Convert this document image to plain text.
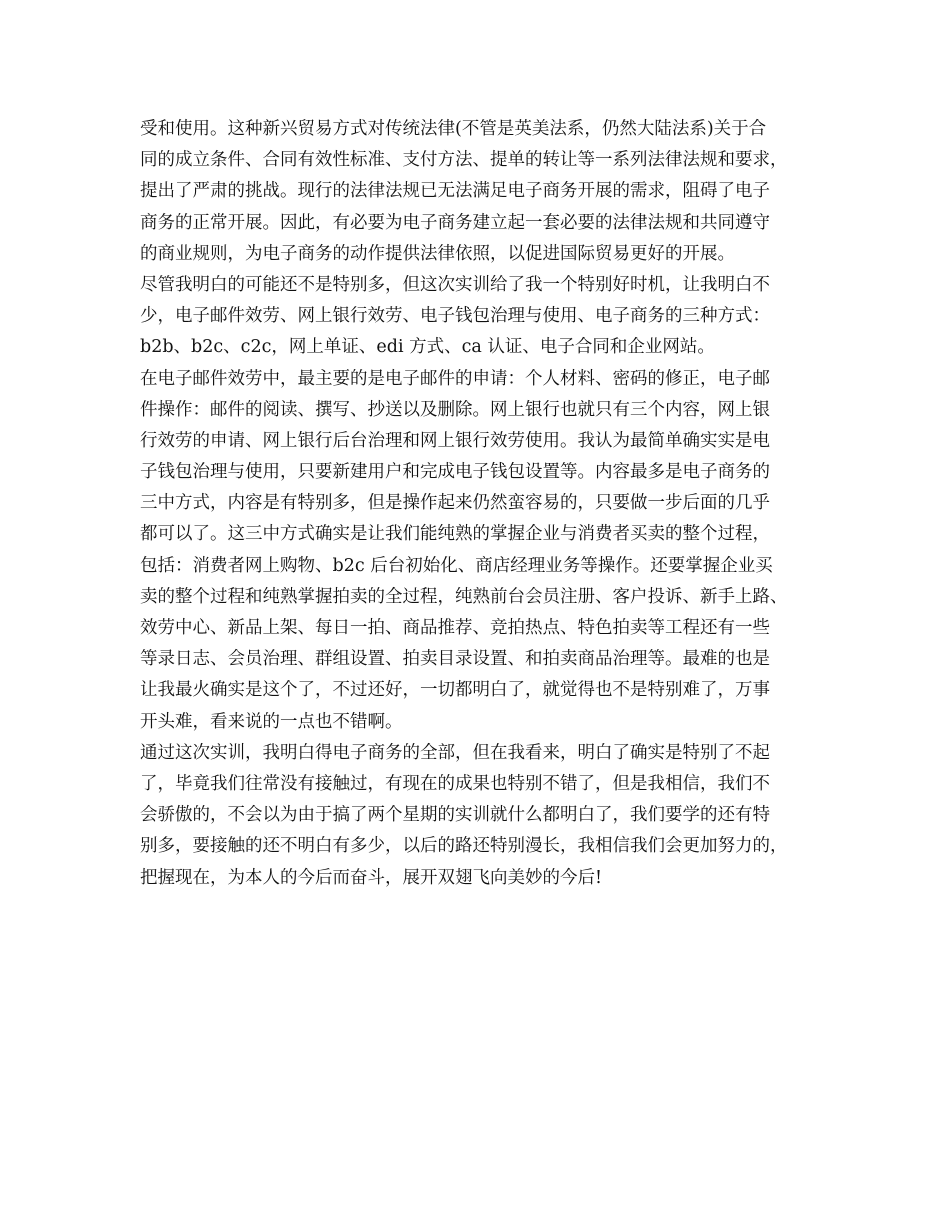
受和使用。这种新兴贸易方式对传统法律(不管是英美法系，仍然大陆法系)关于合
同的成立条件、合同有效性标准、支付方法、提单的转让等一系列法律法规和要求，
提出了严肃的挑战。现行的法律法规已无法满足电子商务开展的需求，阻碍了电子
商务的正常开展。因此，有必要为电子商务建立起一套必要的法律法规和共同遵守
的商业规则，为电子商务的动作提供法律依照，以促进国际贸易更好的开展。
尽管我明白的可能还不是特别多，但这次实训给了我一个特别好时机，让我明白不
少，电子邮件效劳、网上银行效劳、电子钱包治理与使用、电子商务的三种方式：
b2b、b2c、c2c，网上单证、edi 方式、ca 认证、电子合同和企业网站。
在电子邮件效劳中，最主要的是电子邮件的申请：个人材料、密码的修正，电子邮
件操作：邮件的阅读、撰写、抄送以及删除。网上银行也就只有三个内容，网上银
行效劳的申请、网上银行后台治理和网上银行效劳使用。我认为最简单确实实是电
子钱包治理与使用，只要新建用户和完成电子钱包设置等。内容最多是电子商务的
三中方式，内容是有特别多，但是操作起来仍然蛮容易的，只要做一步后面的几乎
都可以了。这三中方式确实是让我们能纯熟的掌握企业与消费者买卖的整个过程，
包括：消费者网上购物、b2c 后台初始化、商店经理业务等操作。还要掌握企业买
卖的整个过程和纯熟掌握拍卖的全过程，纯熟前台会员注册、客户投诉、新手上路、
效劳中心、新品上架、每日一拍、商品推荐、竞拍热点、特色拍卖等工程还有一些
等录日志、会员治理、群组设置、拍卖目录设置、和拍卖商品治理等。最难的也是
让我最火确实是这个了，不过还好，一切都明白了，就觉得也不是特别难了，万事
开头难，看来说的一点也不错啊。
通过这次实训，我明白得电子商务的全部，但在我看来，明白了确实是特别了不起
了，毕竟我们往常没有接触过，有现在的成果也特别不错了，但是我相信，我们不
会骄傲的，不会以为由于搞了两个星期的实训就什么都明白了，我们要学的还有特
别多，要接触的还不明白有多少，以后的路还特别漫长，我相信我们会更加努力的，
把握现在，为本人的今后而奋斗，展开双翅飞向美妙的今后!
